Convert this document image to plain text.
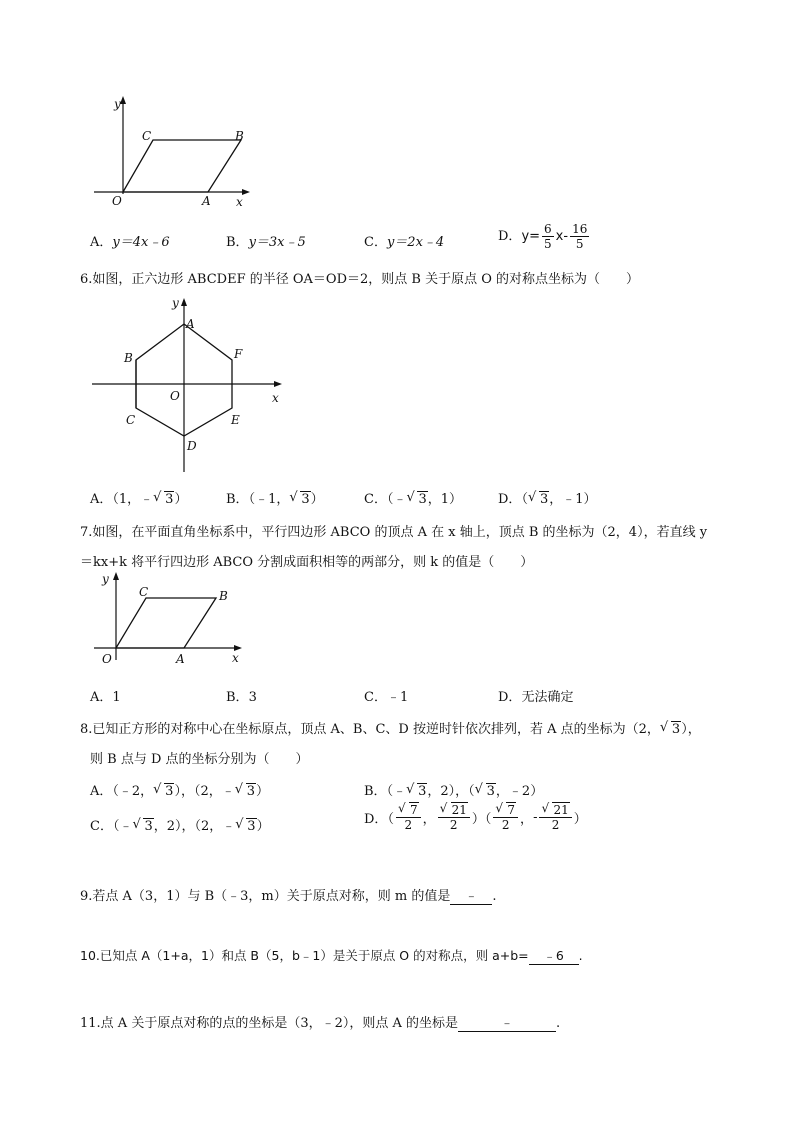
y
x
O	A
B
C
A．y＝4x﹣6	B．y＝3x﹣5	C．y＝2x﹣4	D．$y= \frac{6}{5} x- \frac{16}{5}$
6.如图，正六边形 ABCDEF 的半径 OA＝OD＝2，则点 B 关于原点 O 的对称点坐标为（　　）
y
x
O
A
B
C
D
E
F
A．（1，﹣ √ 3）	B．（﹣1， √ 3）	C．（﹣ √ 3，1）	D．（ √ 3，﹣1）
7.如图，在平面直角坐标系中，平行四边形 ABCO 的顶点 A 在 x 轴上，顶点 B 的坐标为（2，4），若直线 y
＝kx+k 将平行四边形 ABCO 分割成面积相等的两部分，则 k 的值是（　　）
y
x
O	A
B
C
A．1	B．3	C．﹣1	D．无法确定
8.已知正方形的对称中心在坐标原点，顶点 A、B、C、D 按逆时针依次排列，若 A 点的坐标为（2， √ 3），
则 B 点与 D 点的坐标分别为（　　）
A．（﹣2， √ 3），（2，﹣ √ 3）	B．（﹣ √ 3，2），（ √ 3，﹣2）
C．（﹣ √ 3，2），（2，﹣ √ 3）	D．（ $\frac{√ 7}{2}$ ， $\frac{√ 21}{2}$ ）（ $\frac{√ 7}{2}$ ，- $\frac{√ 21}{2}$ ）
9.若点 A（3，1）与 B（﹣3，m）关于原点对称，则 m 的值是 ﹣ .
10.已知点 A（1+a，1）和点 B（5，b﹣1）是关于原点 O 的对称点，则 a+b= ﹣6 .
11.点 A 关于原点对称的点的坐标是（3，﹣2），则点 A 的坐标是	﹣	.
